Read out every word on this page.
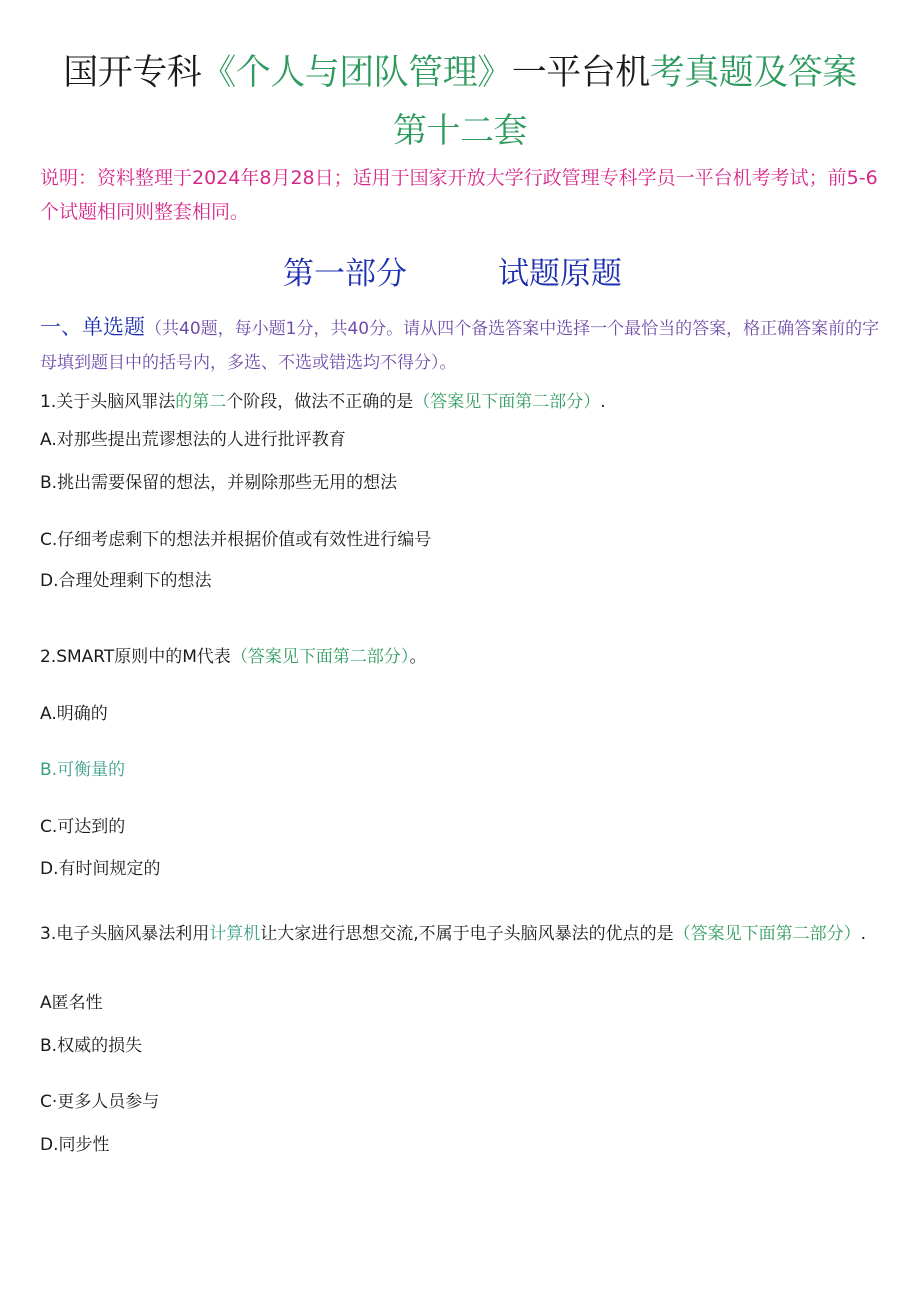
国开专科《个人与团队管理》一平台机考真题及答案
第十二套
说明：资料整理于2024年8月28日；适用于国家开放大学行政管理专科学员一平台机考考试；前5-6个试题相同则整套相同。
第一部分	试题原题
一、单选题（共40题，每小题1分，共40分。请从四个备选答案中选择一个最恰当的答案，格正确答案前的字母填到题目中的括号内，多选、不选或错选均不得分）。
1.关于头脑风罪法的第二个阶段，做法不正确的是（答案见下面第二部分）.
A.对那些提出荒谬想法的人进行批评教育
B.挑出需要保留的想法，并剔除那些无用的想法
C.仔细考虑剩下的想法并根据价值或有效性进行编号
D.合理处理剩下的想法
2.SMART原则中的M代表（答案见下面第二部分）。
A.明确的
B.可衡量的
C.可达到的
D.有时间规定的
3.电子头脑风暴法利用计算机让大家进行思想交流,不属于电子头脑风暴法的优点的是（答案见下面第二部分）.
A匿名性
B.权威的损失
C·更多人员参与
D.同步性
